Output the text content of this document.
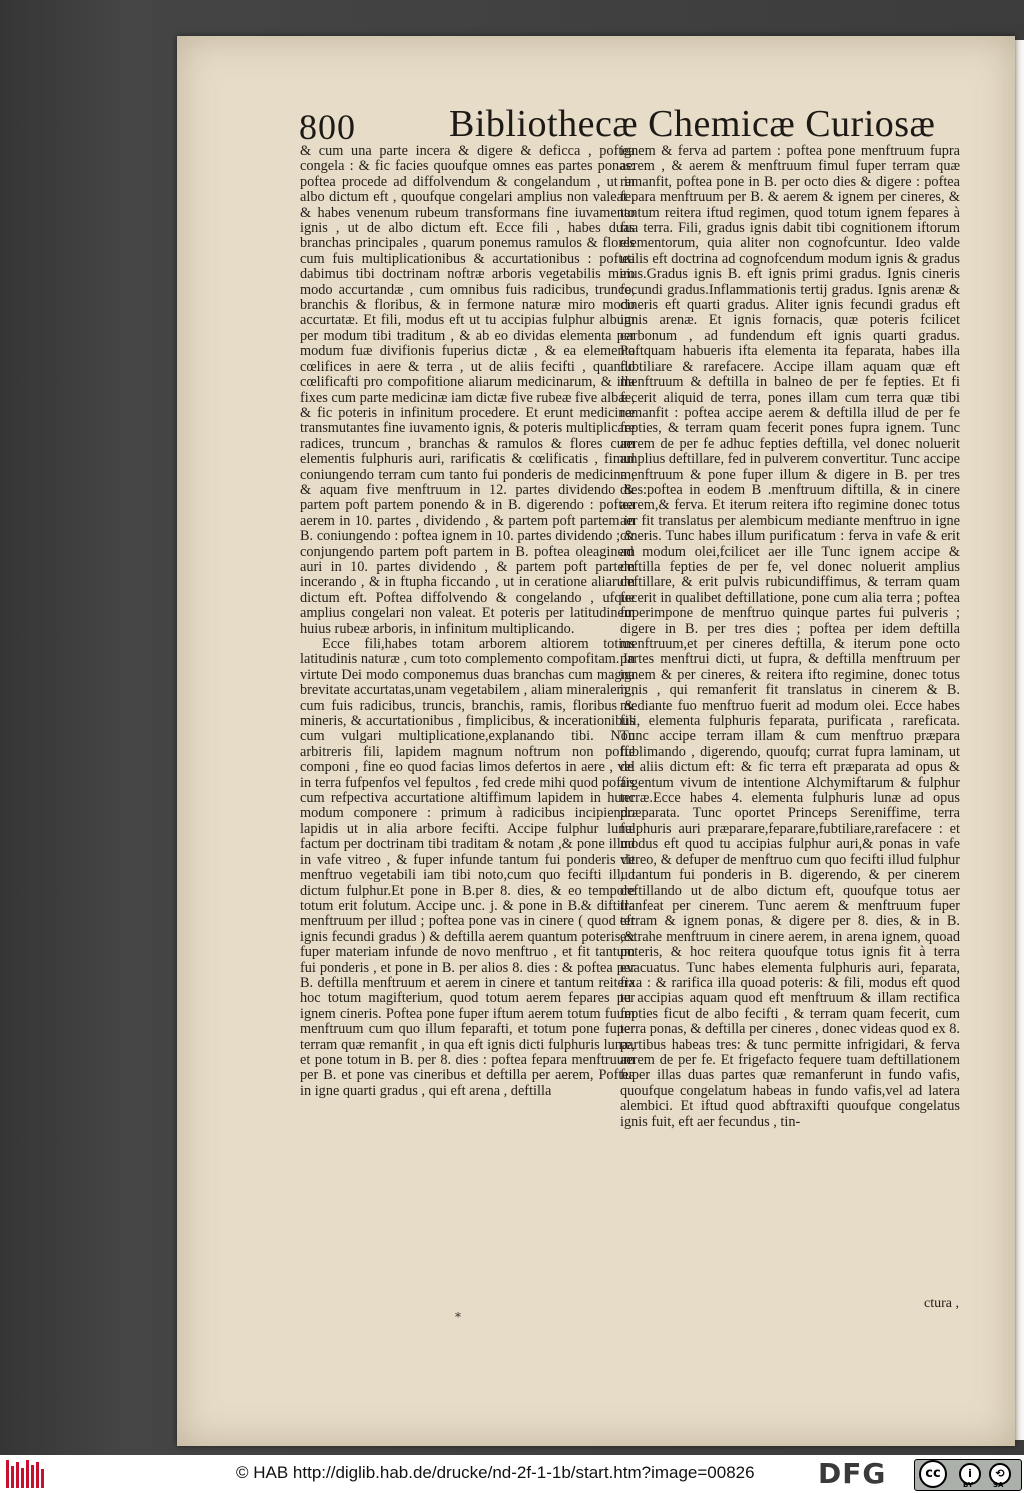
800 Bibliothecæ Chemicæ Curiosæ

& cum una parte incera & digere & deficca , poftea congela : & fic facies quoufque omnes eas partes ponas: poftea procede ad diffolvendum & congelandum , ut in albo dictum eft , quoufque congelari amplius non valeat . & habes venenum rubeum transformans fine iuvamento ignis , ut de albo dictum eft. Ecce fili , habes duas branchas principales , quarum ponemus ramulos & flores cum fuis multiplicationibus & accurtationibus : poftea dabimus tibi doctrinam noftræ arboris vegetabilis miro modo accurtandæ , cum omnibus fuis radicibus, trunco, branchis & floribus, & in fermone naturæ miro modo accurtatæ. Et fili, modus eft ut tu accipias fulphur album per modum tibi traditum , & ab eo dividas elementa per modum fuæ divifionis fuperius dictæ , & ea elementa cœlifices in aere & terra , ut de aliis fecifti , quando cœlificafti pro compofitione aliarum medicinarum, & illa fixes cum parte medicinæ iam dictæ five rubeæ five albæ , & fic poteris in infinitum procedere. Et erunt medicinæ transmutantes fine iuvamento ignis, & poteris multiplicare radices, truncum , branchas & ramulos & flores cum elementis fulphuris auri, rarificatis & cœlificatis , fimul coniungendo terram cum tanto fui ponderis de medicina , & aquam five menftruum in 12. partes dividendo & partem poft partem ponendo & in B. digerendo : poftea aerem in 10. partes , dividendo , & partem poft partem in B. coniungendo : poftea ignem in 10. partes dividendo ; & conjungendo partem poft partem in B. poftea oleaginem auri in 10. partes dividendo , & partem poft partem incerando , & in ftupha ficcando , ut in ceratione aliarum dictum eft. Poftea diffolvendo & congelando , ufque amplius congelari non valeat. Et poteris per latitudinem huius rubeæ arboris, in infinitum multiplicando.

Ecce fili,habes totam arborem altiorem totius latitudinis naturæ , cum toto complemento compofitam. In virtute Dei modo componemus duas branchas cum magna brevitate accurtatas,unam vegetabilem , aliam mineralem , cum fuis radicibus, truncis, branchis, ramis, floribus & mineris, & accurtationibus , fimplicibus, & incerationibus cum vulgari multiplicatione,explanando tibi. Non arbitreris fili, lapidem magnum noftrum non poffe componi , fine eo quod facias limos defertos in aere , vel in terra fufpenfos vel fepultos , fed crede mihi quod poffis cum refpectiva accurtatione altiffimum lapidem in hunc modum componere : primum à radicibus incipiendo lapidis ut in alia arbore fecifti. Accipe fulphur lunæ factum per doctrinam tibi traditam & notam ,& pone illud in vafe vitreo , & fuper infunde tantum fui ponderis de menftruo vegetabili iam tibi noto,cum quo fecifti illud dictum fulphur.Et pone in B.per 8. dies, & eo tempore totum erit folutum. Accipe unc. j. & pone in B.& diftilla menftruum per illud ; poftea pone vas in cinere ( quod eft ignis fecundi gradus ) & deftilla aerem quantum poteris,& fuper materiam infunde de novo menftruo , et fit tantum fui ponderis , et pone in B. per alios 8. dies : & poftea per B. deftilla menftruum et aerem in cinere et tantum reitera hoc totum magifterium, quod totum aerem fepares per ignem cineris. Poftea pone fuper iftum aerem totum fuum menftruum cum quo illum feparafti, et totum pone fuper terram quæ remanfit , in qua eft ignis dicti fulphuris lunæ, et pone totum in B. per 8. dies : poftea fepara menftruum per B. et pone vas cineribus et deftilla per aerem, Poftea in igne quarti gradus , qui eft arena , deftilla

ignem & ferva ad partem : poftea pone menftruum fupra aerem , & aerem & menftruum fimul fuper terram quæ remanfit, poftea pone in B. per octo dies & digere : poftea fepara menftruum per B. & aerem & ignem per cineres, & tantum reitera iftud regimen, quod totum ignem fepares à fua terra. Fili, gradus ignis dabit tibi cognitionem iftorum elementorum, quia aliter non cognofcuntur. Ideo valde utilis eft doctrina ad cognofcendum modum ignis & gradus eius.Gradus ignis B. eft ignis primi gradus. Ignis cineris fecundi gradus.Inflammationis tertij gradus. Ignis arenæ & cineris eft quarti gradus. Aliter ignis fecundi gradus eft ignis arenæ. Et ignis fornacis, quæ poteris fcilicet carbonum , ad fundendum eft ignis quarti gradus. Poftquam habueris ifta elementa ita feparata, habes illa fubtiliare & rarefacere. Accipe illam aquam quæ eft menftruum & deftilla in balneo de per fe fepties. Et fi fecerit aliquid de terra, pones illam cum terra quæ tibi remanfit : poftea accipe aerem & deftilla illud de per fe fepties, & terram quam fecerit pones fupra ignem. Tunc aerem de per fe adhuc fepties deftilla, vel donec noluerit amplius deftillare, fed in pulverem convertitur. Tunc accipe menftruum & pone fuper illum & digere in B. per tres dies:poftea in eodem B .menftruum diftilla, & in cinere aerem,& ferva. Et iterum reitera ifto regimine donec totus aer fit translatus per alembicum mediante menftruo in igne cineris. Tunc habes illum purificatum : ferva in vafe & erit ad modum olei,fcilicet aer ille Tunc ignem accipe & deftilla fepties de per fe, vel donec noluerit amplius deftillare, & erit pulvis rubicundiffimus, & terram quam fecerit in qualibet deftillatione, pone cum alia terra ; poftea fuperimpone de menftruo quinque partes fui pulveris ; digere in B. per tres dies ; poftea per idem deftilla menftruum,et per cineres deftilla, & iterum pone octo partes menftrui dicti, ut fupra, & deftilla menftruum per ignem & per cineres, & reitera ifto regimine, donec totus ignis , qui remanferit fit translatus in cinerem & B. mediante fuo menftruo fuerit ad modum olei. Ecce habes fili, elementa fulphuris feparata, purificata , rareficata. Tunc accipe terram illam & cum menftruo præpara fublimando , digerendo, quoufq; currat fupra laminam, ut de aliis dictum eft: & fic terra eft præparata ad opus & argentum vivum de intentione Alchymiftarum & fulphur terræ.Ecce habes 4. elementa fulphuris lunæ ad opus præparata. Tunc oportet Princeps Sereniffime, terra fulphuris auri præparare,feparare,fubtiliare,rarefacere : et modus eft quod tu accipias fulphur auri,& ponas in vafe vitreo, & defuper de menftruo cum quo fecifti illud fulphur , tantum fui ponderis in B. digerendo, & per cinerem deftillando ut de albo dictum eft, quoufque totus aer tranfeat per cinerem. Tunc aerem & menftruum fuper terram & ignem ponas, & digere per 8. dies, & in B. extrahe menftruum in cinere aerem, in arena ignem, quoad poteris, & hoc reitera quoufque totus ignis fit à terra evacuatus. Tunc habes elementa fulphuris auri, feparata, fixa : & rarifica illa quoad poteris: & fili, modus eft quod tu accipias aquam quod eft menftruum & illam rectifica fepties ficut de albo fecifti , & terram quam fecerit, cum terra ponas, & deftilla per cineres , donec videas quod ex 8. partibus habeas tres: & tunc permitte infrigidari, & ferva aerem de per fe. Et frigefacto fequere tuam deftillationem fuper illas duas partes quæ remanferunt in fundo vafis, quoufque congelatum habeas in fundo vafis,vel ad latera alembici. Et iftud quod abftraxifti quoufque congelatus ignis fuit, eft aer fecundus , tin-

ctura ,
*
© HAB http://diglib.hab.de/drucke/nd-2f-1-1b/start.htm?image=00826 DFG	cc	i	⟲
BY	SA
